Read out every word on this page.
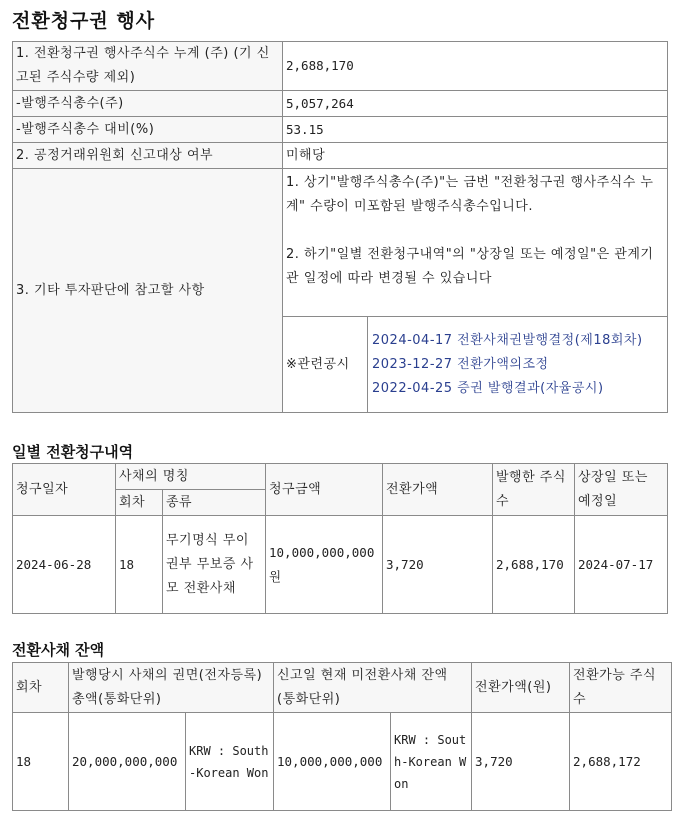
전환청구권 행사
1. 전환청구권 행사주식수 누계 (주) (기 신고된 주식수량 제외)	2,688,170	
-발행주식총수(주)	5,057,264	
-발행주식총수 대비(%)	53.15	
2. 공정거래위원회 신고대상 여부	미해당	
3. 기타 투자판단에 참고할 사항	1. 상기"발행주식총수(주)"는 금번 "전환청구권 행사주식수 누계" 수량이 미포함된 발행주식총수입니다.
2. 하기"일별 전환청구내역"의 "상장일 또는 예정일"은 관계기관 일정에 따라 변경될 수 있습니다	

	※관련공시	2024-04-17 전환사채권발행결정(제18회차)
2023-12-27 전환가액의조정
2022-04-25 증권 발행결과(자율공시)
일별 전환청구내역
청구일자	사채의 명칭		청구금액	전환가액	발행한 주식수	상장일 또는 예정일
	회차	종류				
2024-06-28	18	무기명식 무이권부 무보증 사모 전환사채	10,000,000,000원	3,720	2,688,170	2024-07-17
전환사채 잔액
회차	발행당시 사채의 권면(전자등록)총액(통화단위)		신고일 현재 미전환사채 잔액 (통화단위)		전환가액(원)	전환가능 주식수
18	20,000,000,000	KRW : South-Korean Won	10,000,000,000	KRW : South-Korean Won	3,720	2,688,172
